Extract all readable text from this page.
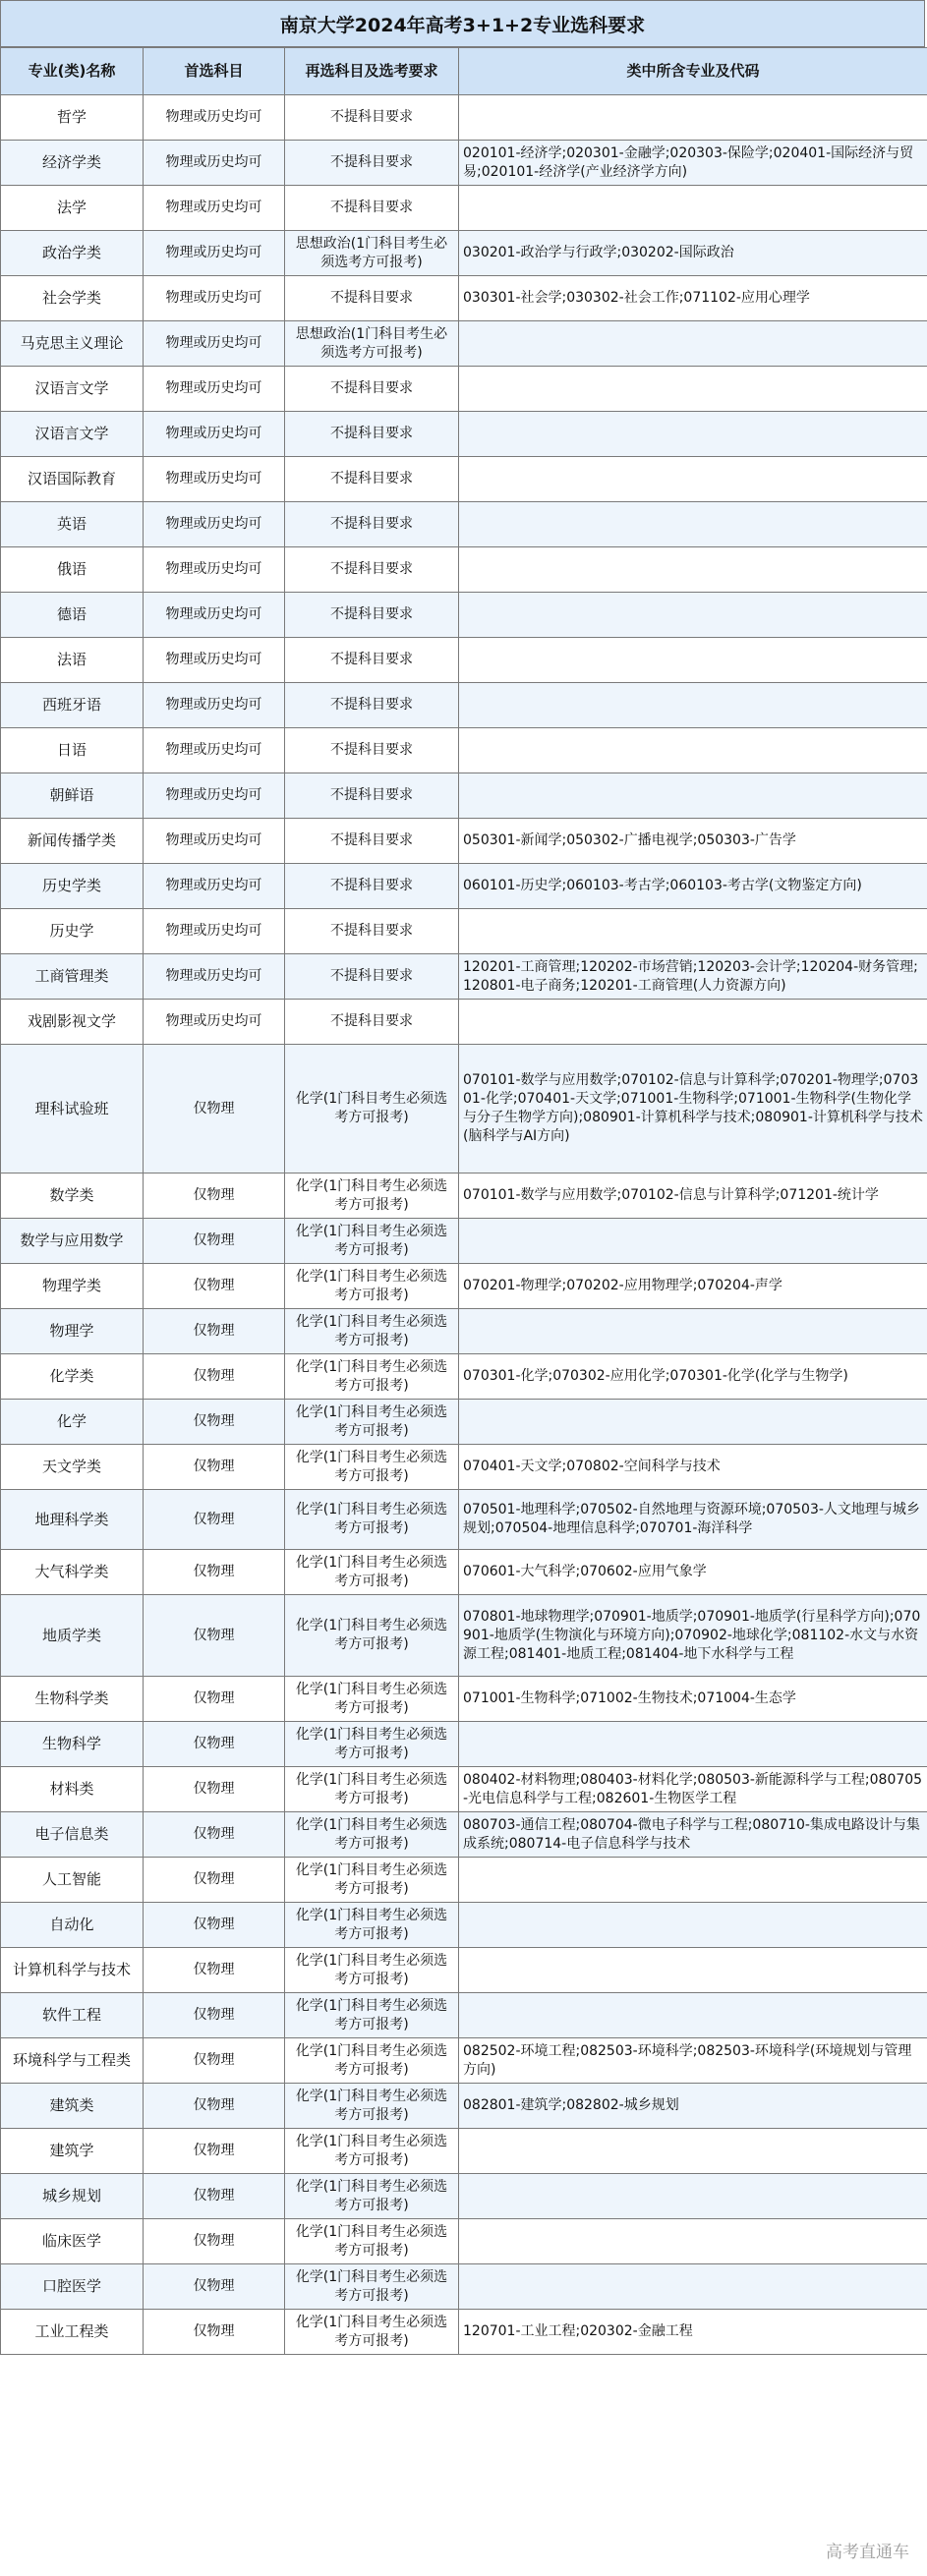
南京大学2024年高考3+1+2专业选科要求
专业(类)名称	首选科目	再选科目及选考要求	类中所含专业及代码
哲学	物理或历史均可	不提科目要求	
经济学类	物理或历史均可	不提科目要求	020101-经济学;020301-金融学;020303-保险学;020401-国际经济与贸易;020101-经济学(产业经济学方向)
法学	物理或历史均可	不提科目要求	
政治学类	物理或历史均可	思想政治(1门科目考生必须选考方可报考)	030201-政治学与行政学;030202-国际政治
社会学类	物理或历史均可	不提科目要求	030301-社会学;030302-社会工作;071102-应用心理学
马克思主义理论	物理或历史均可	思想政治(1门科目考生必须选考方可报考)	
汉语言文学	物理或历史均可	不提科目要求	
汉语言文学	物理或历史均可	不提科目要求	
汉语国际教育	物理或历史均可	不提科目要求	
英语	物理或历史均可	不提科目要求	
俄语	物理或历史均可	不提科目要求	
德语	物理或历史均可	不提科目要求	
法语	物理或历史均可	不提科目要求	
西班牙语	物理或历史均可	不提科目要求	
日语	物理或历史均可	不提科目要求	
朝鲜语	物理或历史均可	不提科目要求	
新闻传播学类	物理或历史均可	不提科目要求	050301-新闻学;050302-广播电视学;050303-广告学
历史学类	物理或历史均可	不提科目要求	060101-历史学;060103-考古学;060103-考古学(文物鉴定方向)
历史学	物理或历史均可	不提科目要求	
工商管理类	物理或历史均可	不提科目要求	120201-工商管理;120202-市场营销;120203-会计学;120204-财务管理;120801-电子商务;120201-工商管理(人力资源方向)
戏剧影视文学	物理或历史均可	不提科目要求	
理科试验班	仅物理	化学(1门科目考生必须选考方可报考)	070101-数学与应用数学;070102-信息与计算科学;070201-物理学;070301-化学;070401-天文学;071001-生物科学;071001-生物科学(生物化学与分子生物学方向);080901-计算机科学与技术;080901-计算机科学与技术(脑科学与AI方向)
数学类	仅物理	化学(1门科目考生必须选考方可报考)	070101-数学与应用数学;070102-信息与计算科学;071201-统计学
数学与应用数学	仅物理	化学(1门科目考生必须选考方可报考)	
物理学类	仅物理	化学(1门科目考生必须选考方可报考)	070201-物理学;070202-应用物理学;070204-声学
物理学	仅物理	化学(1门科目考生必须选考方可报考)	
化学类	仅物理	化学(1门科目考生必须选考方可报考)	070301-化学;070302-应用化学;070301-化学(化学与生物学)
化学	仅物理	化学(1门科目考生必须选考方可报考)	
天文学类	仅物理	化学(1门科目考生必须选考方可报考)	070401-天文学;070802-空间科学与技术
地理科学类	仅物理	化学(1门科目考生必须选考方可报考)	070501-地理科学;070502-自然地理与资源环境;070503-人文地理与城乡规划;070504-地理信息科学;070701-海洋科学
大气科学类	仅物理	化学(1门科目考生必须选考方可报考)	070601-大气科学;070602-应用气象学
地质学类	仅物理	化学(1门科目考生必须选考方可报考)	070801-地球物理学;070901-地质学;070901-地质学(行星科学方向);070901-地质学(生物演化与环境方向);070902-地球化学;081102-水文与水资源工程;081401-地质工程;081404-地下水科学与工程
生物科学类	仅物理	化学(1门科目考生必须选考方可报考)	071001-生物科学;071002-生物技术;071004-生态学
生物科学	仅物理	化学(1门科目考生必须选考方可报考)	
材料类	仅物理	化学(1门科目考生必须选考方可报考)	080402-材料物理;080403-材料化学;080503-新能源科学与工程;080705-光电信息科学与工程;082601-生物医学工程
电子信息类	仅物理	化学(1门科目考生必须选考方可报考)	080703-通信工程;080704-微电子科学与工程;080710-集成电路设计与集成系统;080714-电子信息科学与技术
人工智能	仅物理	化学(1门科目考生必须选考方可报考)	
自动化	仅物理	化学(1门科目考生必须选考方可报考)	
计算机科学与技术	仅物理	化学(1门科目考生必须选考方可报考)	
软件工程	仅物理	化学(1门科目考生必须选考方可报考)	
环境科学与工程类	仅物理	化学(1门科目考生必须选考方可报考)	082502-环境工程;082503-环境科学;082503-环境科学(环境规划与管理方向)
建筑类	仅物理	化学(1门科目考生必须选考方可报考)	082801-建筑学;082802-城乡规划
建筑学	仅物理	化学(1门科目考生必须选考方可报考)	
城乡规划	仅物理	化学(1门科目考生必须选考方可报考)	
临床医学	仅物理	化学(1门科目考生必须选考方可报考)	
口腔医学	仅物理	化学(1门科目考生必须选考方可报考)	
工业工程类	仅物理	化学(1门科目考生必须选考方可报考)	120701-工业工程;020302-金融工程
高考直通车
